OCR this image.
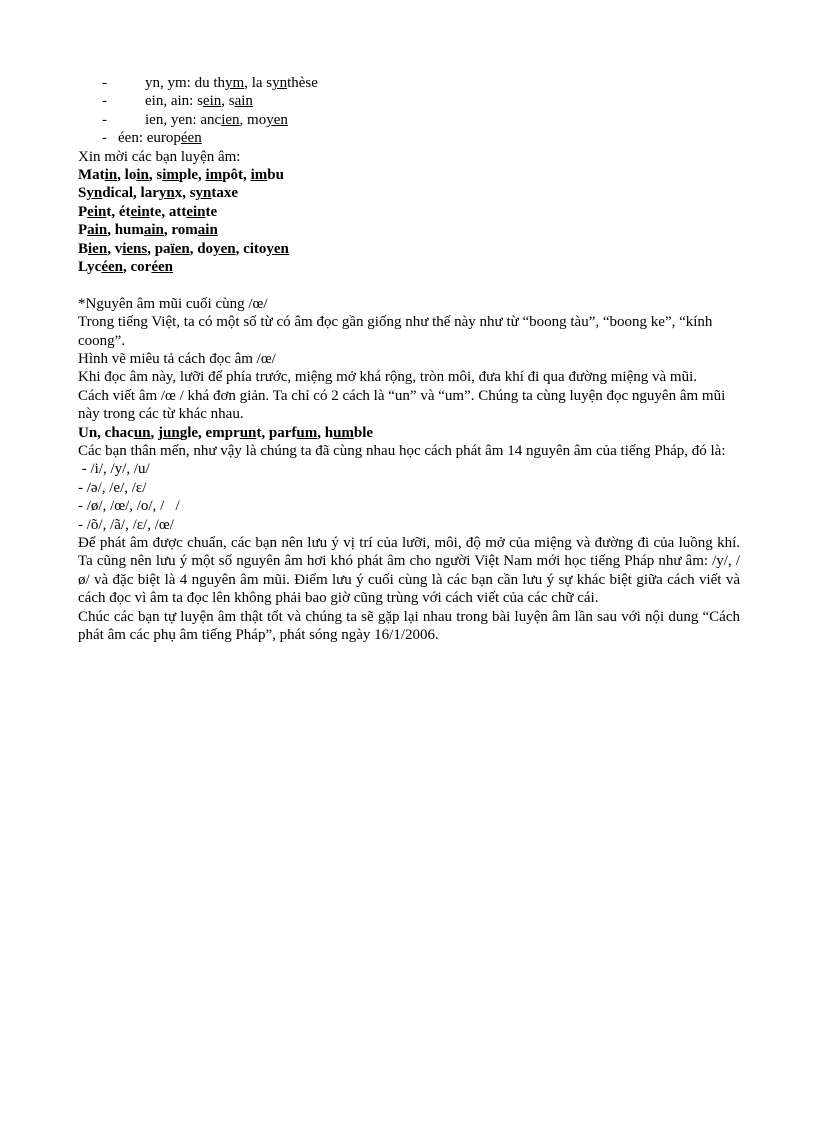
-	yn, ym: du thym, la synthèse
-	ein, ain: sein, sain
-	ien, yen: ancien, moyen
- éen: européen

Xin mời các bạn luyện âm:

Matin, loin, simple, impôt, imbu

Syndical, larynx, syntaxe

Peint, éteinte, atteinte

Pain, humain, romain

Bien, viens, païen, doyen, citoyen

Lycéen, coréen

*Nguyên âm mũi cuối cùng /œ/

Trong tiếng Việt, ta có một số từ có âm đọc gần giống như thế này như từ “boong tàu”, “boong ke”, “kính coong”.

Hình vẽ miêu tả cách đọc âm /œ/

Khi đọc âm này, lưỡi để phía trước, miệng mở khá rộng, tròn môi, đưa khí đi qua đường miệng và mũi.

Cách viết âm /œ / khá đơn giản. Ta chỉ có 2 cách là “un” và “um”. Chúng ta cùng luyện đọc nguyên âm mũi này trong các từ khác nhau.

Un, chacun, jungle, emprunt, parfum, humble

Các bạn thân mến, như vậy là chúng ta đã cùng nhau học cách phát âm 14 nguyên âm của tiếng Pháp, đó là:

- /i/, /y/, /u/

- /ə/, /e/, /ɛ/

- /ø/, /œ/, /o/, /   /

- /õ/, /ã/, /ɛ/, /œ/

Để phát âm được chuẩn, các bạn nên lưu ý vị trí của lưỡi, môi, độ mở của miệng và đường đi của luồng khí. Ta cũng nên lưu ý một số nguyên âm hơi khó phát âm cho người Việt Nam mới học tiếng Pháp như âm: /y/, /ø/ và đặc biệt là 4 nguyên âm mũi. Điểm lưu ý cuối cùng là các bạn cần lưu ý sự khác biệt giữa cách viết và cách đọc vì âm ta đọc lên không phải bao giờ cũng trùng với cách viết của các chữ cái.

Chúc các bạn tự luyện âm thật tốt và chúng ta sẽ gặp lại nhau trong bài luyện âm lần sau với nội dung “Cách phát âm các phụ âm tiếng Pháp”, phát sóng ngày 16/1/2006.
